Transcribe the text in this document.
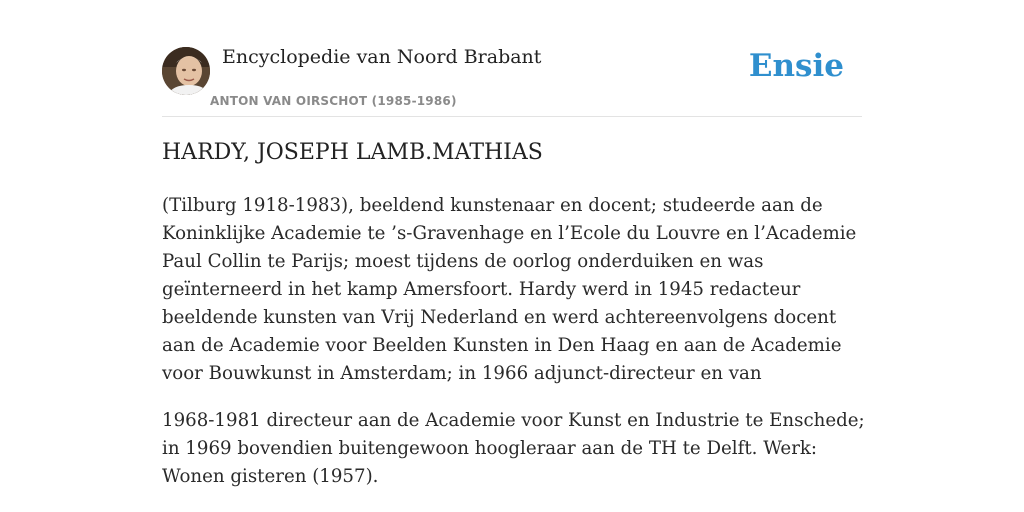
Encyclopedie van Noord Brabant
ANTON VAN OIRSCHOT (1985-1986)
Ensie
HARDY, JOSEPH LAMB.MATHIAS

(Tilburg 1918-1983), beeldend kunstenaar en docent; studeerde aan de Koninklijke Academie te ’s-Gravenhage en l’Ecole du Louvre en l’Academie Paul Collin te Parijs; moest tijdens de oorlog onderduiken en was geïnterneerd in het kamp Amersfoort. Hardy werd in 1945 redacteur beeldende kunsten van Vrij Nederland en werd achtereenvolgens docent aan de Academie voor Beelden Kunsten in Den Haag en aan de Academie voor Bouwkunst in Amsterdam; in 1966 adjunct-directeur en van

1968-1981 directeur aan de Academie voor Kunst en Industrie te Enschede; in 1969 bovendien buitengewoon hoogleraar aan de TH te Delft. Werk: Wonen gisteren (1957).
